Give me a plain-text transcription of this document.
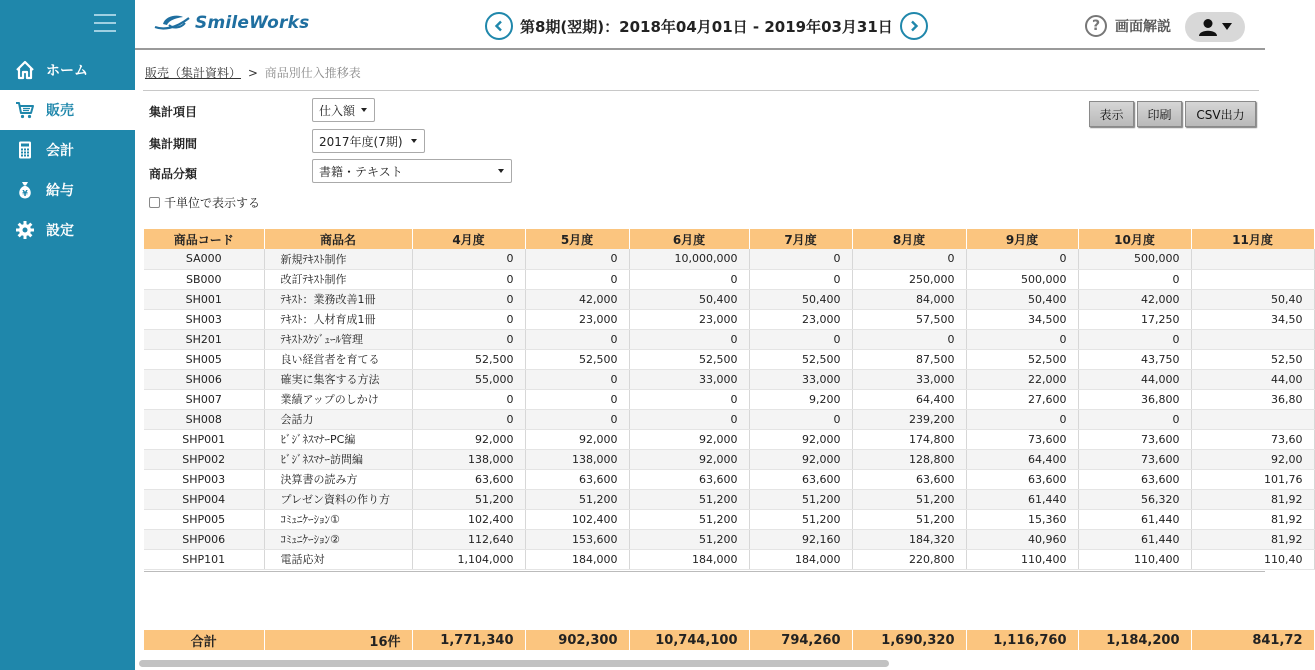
ホーム
販売
会計
¥ 給与
設定
SmileWorks	第8期(翌期)：2018年04月01日 - 2019年03月31日	?	画面解説
販売（集計資料） > 商品別仕入推移表
集計項目	仕入額
集計期間	2017年度(7期)
商品分類	書籍・テキスト
千単位で表示する
表示	印刷	CSV出力
商品コード	商品名	4月度	5月度	6月度	7月度	8月度	9月度	10月度	11月度
SA000	新規ﾃｷｽﾄ制作	0	0	10,000,000	0	0	0	500,000	
SB000	改訂ﾃｷｽﾄ制作	0	0	0	0	250,000	500,000	0	
SH001	ﾃｷｽﾄ：業務改善1冊	0	42,000	50,400	50,400	84,000	50,400	42,000	50,40
SH003	ﾃｷｽﾄ：人材育成1冊	0	23,000	23,000	23,000	57,500	34,500	17,250	34,50
SH201	ﾃｷｽﾄｽｹｼﾞｭｰﾙ管理	0	0	0	0	0	0	0	
SH005	良い経営者を育てる	52,500	52,500	52,500	52,500	87,500	52,500	43,750	52,50
SH006	確実に集客する方法	55,000	0	33,000	33,000	33,000	22,000	44,000	44,00
SH007	業績アップのしかけ	0	0	0	9,200	64,400	27,600	36,800	36,80
SH008	会話力	0	0	0	0	239,200	0	0	
SHP001	ﾋﾞｼﾞﾈｽﾏﾅｰPC編	92,000	92,000	92,000	92,000	174,800	73,600	73,600	73,60
SHP002	ﾋﾞｼﾞﾈｽﾏﾅｰ訪問編	138,000	138,000	92,000	92,000	128,800	64,400	73,600	92,00
SHP003	決算書の読み方	63,600	63,600	63,600	63,600	63,600	63,600	63,600	101,76
SHP004	プレゼン資料の作り方	51,200	51,200	51,200	51,200	51,200	61,440	56,320	81,92
SHP005	ｺﾐｭﾆｹｰｼｮﾝ①	102,400	102,400	51,200	51,200	51,200	15,360	61,440	81,92
SHP006	ｺﾐｭﾆｹｰｼｮﾝ②	112,640	153,600	51,200	92,160	184,320	40,960	61,440	81,92
SHP101	電話応対	1,104,000	184,000	184,000	184,000	220,800	110,400	110,400	110,40
合計	16件	1,771,340	902,300	10,744,100	794,260	1,690,320	1,116,760	1,184,200	841,72
